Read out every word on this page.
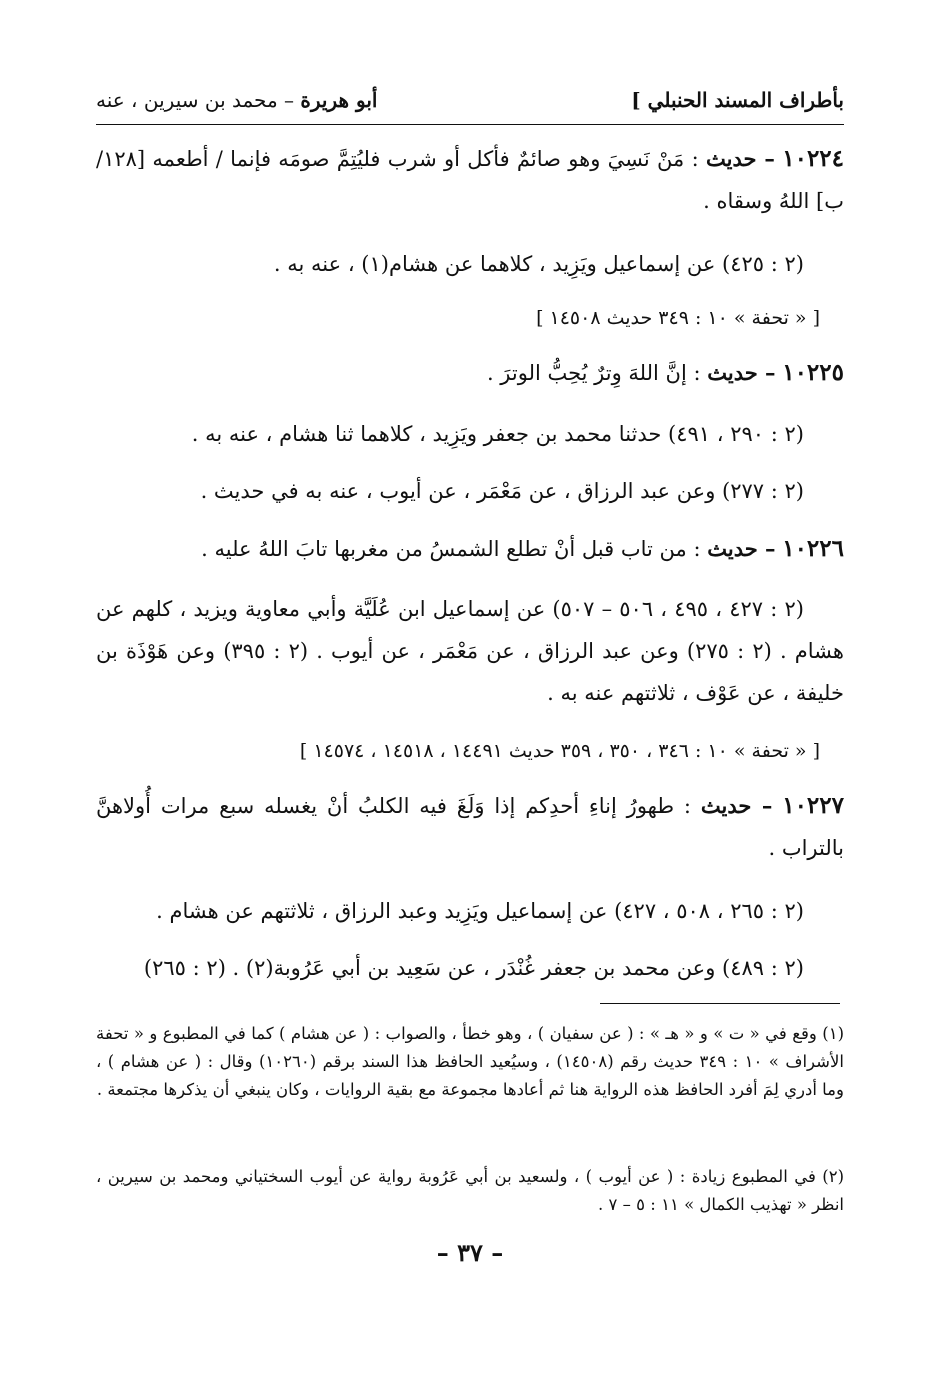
بأطراف المسند الحنبلي ]
أبو هريرة – محمد بن سيرين ، عنه
١٠٢٢٤ – حديث : مَنْ نَسِيَ وهو صائمٌ فأكل أو شرب فليُتِمَّ صومَه فإنما / أطعمه [١٢٨/ب] اللهُ وسقاه .
(٢ : ٤٢٥) عن إسماعيل ويَزِيد ، كلاهما عن هشام(١) ، عنه به .
[ « تحفة » ١٠ : ٣٤٩ حديث ١٤٥٠٨ ]
١٠٢٢٥ – حديث : إنَّ اللهَ وِترٌ يُحِبُّ الوترَ .
(٢ : ٢٩٠ ، ٤٩١) حدثنا محمد بن جعفر ويَزِيد ، كلاهما ثنا هشام ، عنه به .
(٢ : ٢٧٧) وعن عبد الرزاق ، عن مَعْمَر ، عن أيوب ، عنه به في حديث .
١٠٢٢٦ – حديث : من تاب قبل أنْ تطلع الشمسُ من مغربها تابَ اللهُ عليه .
(٢ : ٤٢٧ ، ٤٩٥ ، ٥٠٦ – ٥٠٧) عن إسماعيل ابن عُلَيَّة وأبي معاوية ويزيد ، كلهم عن هشام . (٢ : ٢٧٥) وعن عبد الرزاق ، عن مَعْمَر ، عن أيوب . (٢ : ٣٩٥) وعن هَوْذَة بن خليفة ، عن عَوْف ، ثلاثتهم عنه به .
[ « تحفة » ١٠ : ٣٤٦ ، ٣٥٠ ، ٣٥٩ حديث ١٤٤٩١ ، ١٤٥١٨ ، ١٤٥٧٤ ]
١٠٢٢٧ – حديث : طهورُ إناءِ أحدِكم إذا وَلَغَ فيه الكلبُ أنْ يغسله سبع مرات أُولاهنَّ بالتراب .
(٢ : ٢٦٥ ، ٥٠٨ ، ٤٢٧) عن إسماعيل ويَزِيد وعبد الرزاق ، ثلاثتهم عن هشام .
(٢ : ٤٨٩) وعن محمد بن جعفر غُنْدَر ، عن سَعِيد بن أبي عَرُوبة(٢) . (٢ : ٢٦٥)
(١) وقع في « ت » و « هـ » : ( عن سفيان ) ، وهو خطأ ، والصواب : ( عن هشام ) كما في المطبوع و « تحفة الأشراف » ١٠ : ٣٤٩ حديث رقم (١٤٥٠٨) ، وسيُعيد الحافظ هذا السند برقم (١٠٢٦٠) وقال : ( عن هشام ) ، وما أدري لِمَ أفرد الحافظ هذه الرواية هنا ثم أعادها مجموعة مع بقية الروايات ، وكان ينبغي أن يذكرها مجتمعة .
(٢) في المطبوع زيادة : ( عن أيوب ) ، ولسعيد بن أبي عَرُوبة رواية عن أيوب السختياني ومحمد بن سيرين ، انظر « تهذيب الكمال » ١١ : ٥ – ٧ .
– ٣٧ –
